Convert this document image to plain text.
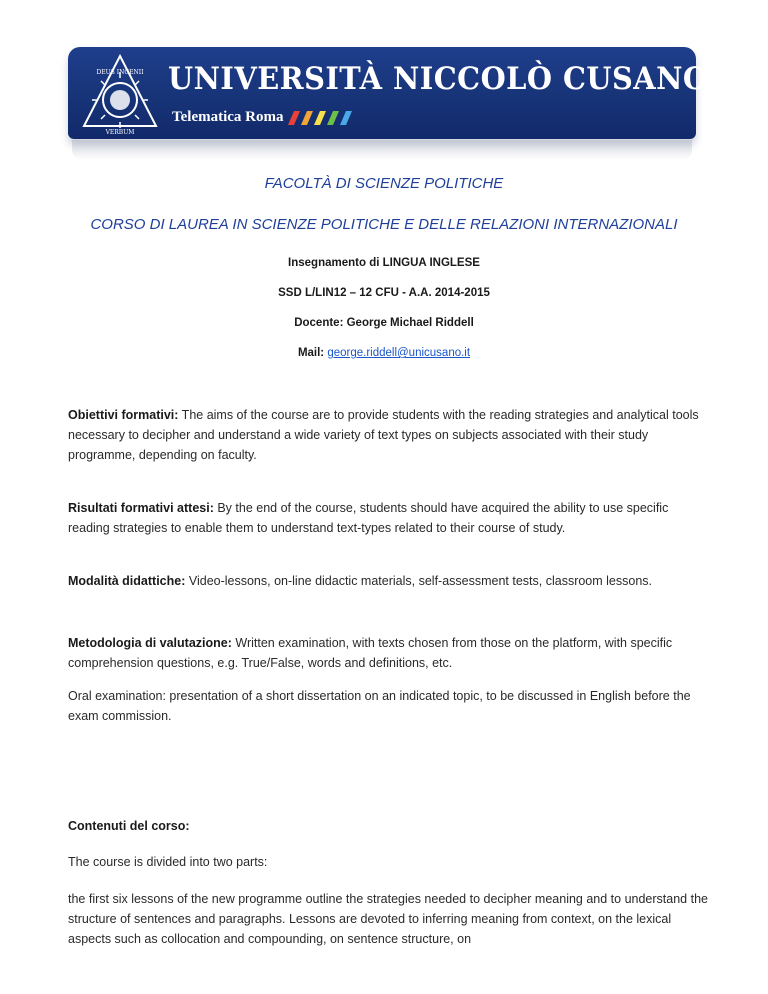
DEUS INGENII
VERBUM
UNIVERSITÀ NICCOLÒ CUSANO
Telematica Roma
FACOLTÀ DI SCIENZE POLITICHE
CORSO DI LAUREA IN SCIENZE POLITICHE E DELLE RELAZIONI INTERNAZIONALI
Insegnamento di LINGUA INGLESE
SSD L/LIN12 – 12 CFU - A.A. 2014-2015
Docente: George Michael Riddell
Mail: george.riddell@unicusano.it
Obiettivi formativi: The aims of the course are to provide students with the reading strategies and analytical tools necessary to decipher and understand a wide variety of text types on subjects associated with their study programme, depending on faculty.
Risultati formativi attesi: By the end of the course, students should have acquired the ability to use specific reading strategies to enable them to understand text-types related to their course of study.
Modalità didattiche: Video-lessons, on-line didactic materials, self-assessment tests, classroom lessons.
Metodologia di valutazione: Written examination, with texts chosen from those on the platform, with specific comprehension questions, e.g. True/False, words and definitions, etc.
Oral examination: presentation of a short dissertation on an indicated topic, to be discussed in English before the exam commission.
Contenuti del corso:
The course is divided into two parts:
the first six lessons of the new programme outline the strategies needed to decipher meaning and to understand the structure of sentences and paragraphs. Lessons are devoted to inferring meaning from context, on the lexical aspects such as collocation and compounding, on sentence structure, on
